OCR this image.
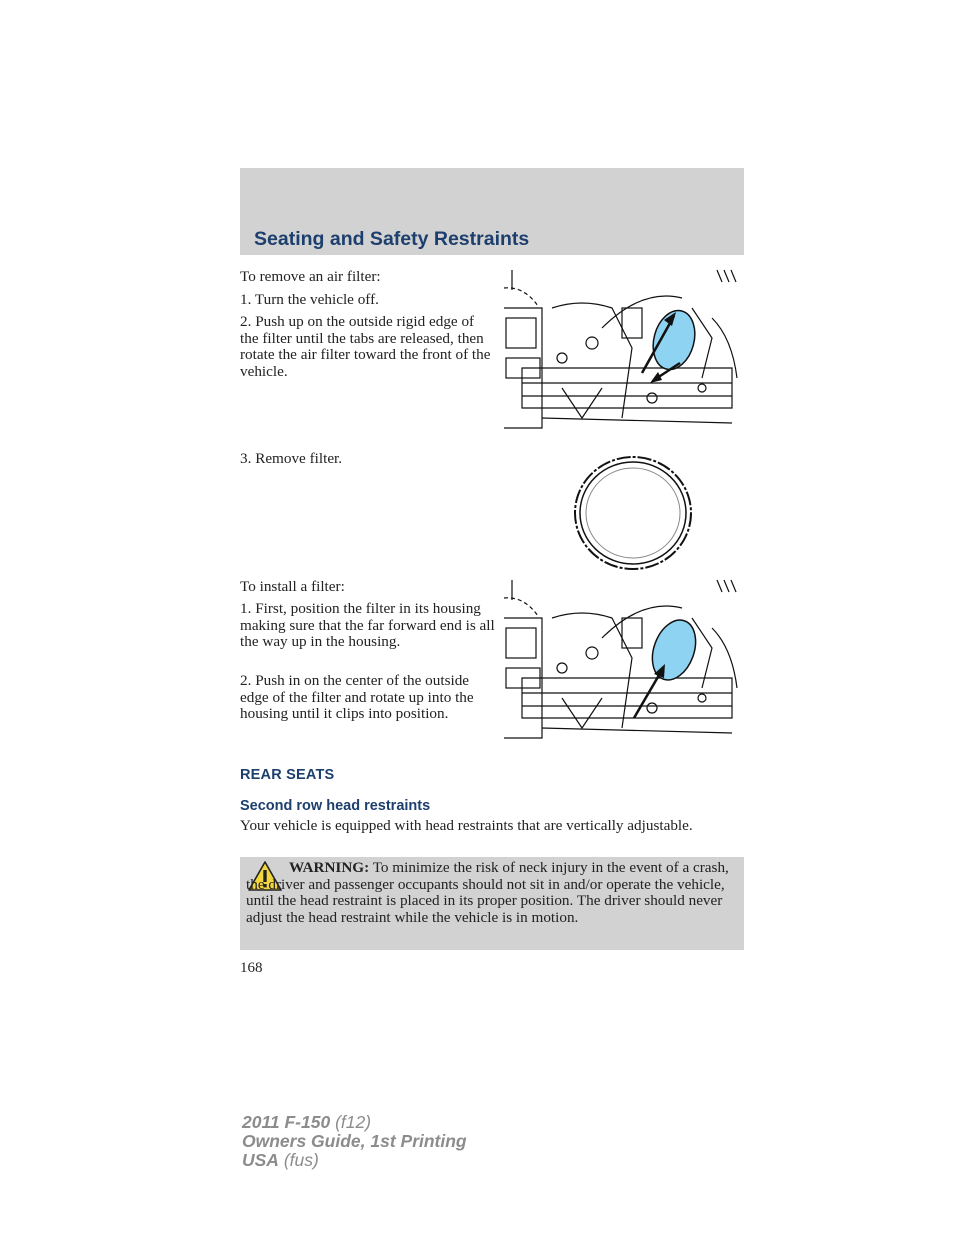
Seating and Safety Restraints
To remove an air filter:
1. Turn the vehicle off.
2. Push up on the outside rigid edge of the filter until the tabs are released, then rotate the air filter toward the front of the vehicle.
3. Remove filter.
To install a filter:
1. First, position the filter in its housing making sure that the far forward end is all the way up in the housing.
2. Push in on the center of the outside edge of the filter and rotate up into the housing until it clips into position.
REAR SEATS
Second row head restraints
Your vehicle is equipped with head restraints that are vertically adjustable.
WARNING: To minimize the risk of neck injury in the event of a crash, the driver and passenger occupants should not sit in and/or operate the vehicle, until the head restraint is placed in its proper position. The driver should never adjust the head restraint while the vehicle is in motion.
168
2011 F-150 (f12)
Owners Guide, 1st Printing
USA (fus)
